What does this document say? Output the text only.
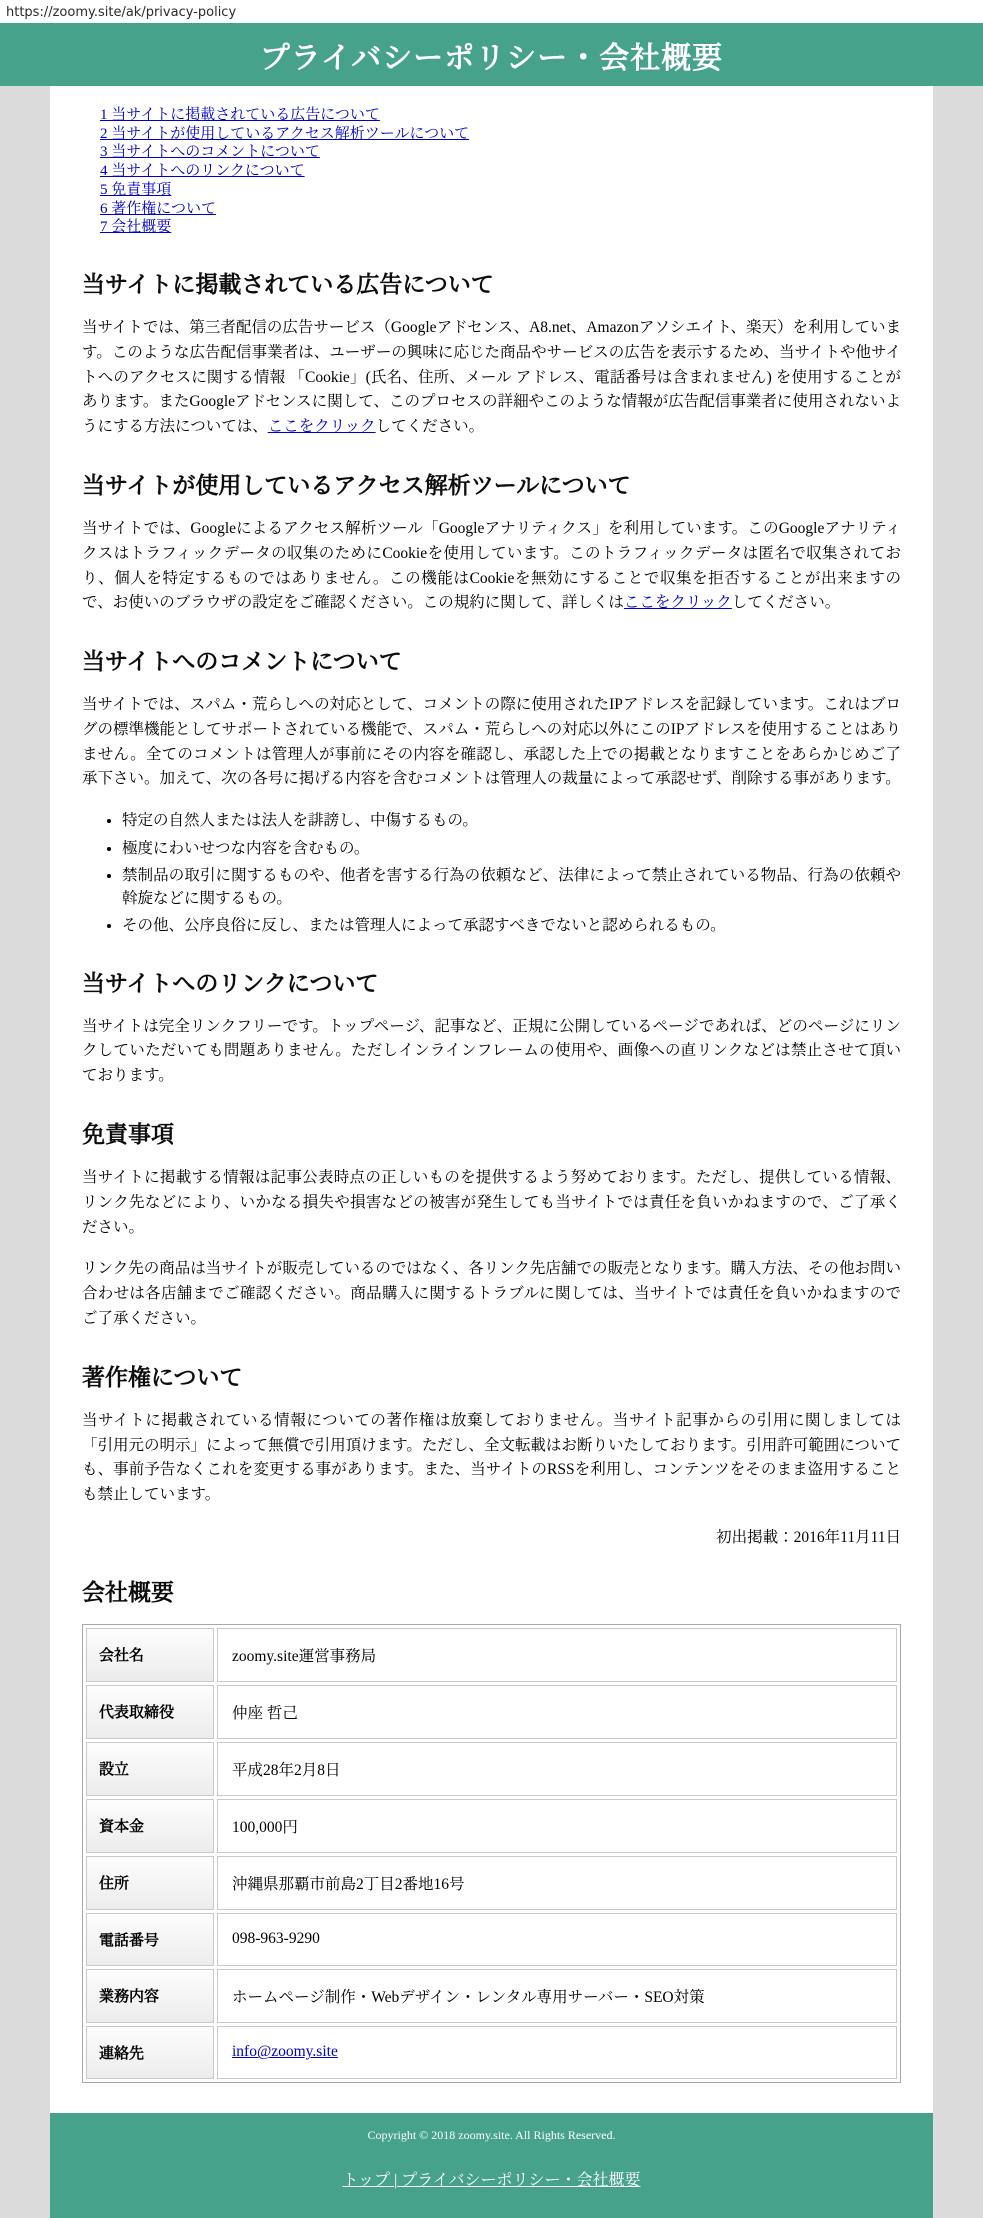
https://zoomy.site/ak/privacy-policy
プライバシーポリシー・会社概要
1 当サイトに掲載されている広告について
2 当サイトが使用しているアクセス解析ツールについて
3 当サイトへのコメントについて
4 当サイトへのリンクについて
5 免責事項
6 著作権について
7 会社概要
当サイトに掲載されている広告について

当サイトでは、第三者配信の広告サービス（Googleアドセンス、A8.net、Amazonアソシエイト、楽天）を利用しています。このような広告配信事業者は、ユーザーの興味に応じた商品やサービスの広告を表示するため、当サイトや他サイトへのアクセスに関する情報 「Cookie」(氏名、住所、メール アドレス、電話番号は含まれません) を使用することがあります。またGoogleアドセンスに関して、このプロセスの詳細やこのような情報が広告配信事業者に使用されないようにする方法については、ここをクリックしてください。

当サイトが使用しているアクセス解析ツールについて

当サイトでは、Googleによるアクセス解析ツール「Googleアナリティクス」を利用しています。このGoogleアナリティクスはトラフィックデータの収集のためにCookieを使用しています。このトラフィックデータは匿名で収集されており、個人を特定するものではありません。この機能はCookieを無効にすることで収集を拒否することが出来ますので、お使いのブラウザの設定をご確認ください。この規約に関して、詳しくはここをクリックしてください。

当サイトへのコメントについて

当サイトでは、スパム・荒らしへの対応として、コメントの際に使用されたIPアドレスを記録しています。これはブログの標準機能としてサポートされている機能で、スパム・荒らしへの対応以外にこのIPアドレスを使用することはありません。全てのコメントは管理人が事前にその内容を確認し、承認した上での掲載となりますことをあらかじめご了承下さい。加えて、次の各号に掲げる内容を含むコメントは管理人の裁量によって承認せず、削除する事があります。

• 特定の自然人または法人を誹謗し、中傷するもの。
• 極度にわいせつな内容を含むもの。
• 禁制品の取引に関するものや、他者を害する行為の依頼など、法律によって禁止されている物品、行為の依頼や斡旋などに関するもの。
• その他、公序良俗に反し、または管理人によって承認すべきでないと認められるもの。
当サイトへのリンクについて

当サイトは完全リンクフリーです。トップページ、記事など、正規に公開しているページであれば、どのページにリンクしていただいても問題ありません。ただしインラインフレームの使用や、画像への直リンクなどは禁止させて頂いております。

免責事項

当サイトに掲載する情報は記事公表時点の正しいものを提供するよう努めております。ただし、提供している情報、リンク先などにより、いかなる損失や損害などの被害が発生しても当サイトでは責任を負いかねますので、ご了承ください。

リンク先の商品は当サイトが販売しているのではなく、各リンク先店舗での販売となります。購入方法、その他お問い合わせは各店舗までご確認ください。商品購入に関するトラブルに関しては、当サイトでは責任を負いかねますのでご了承ください。

著作権について

当サイトに掲載されている情報についての著作権は放棄しておりません。当サイト記事からの引用に関しましては「引用元の明示」によって無償で引用頂けます。ただし、全文転載はお断りいたしております。引用許可範囲についても、事前予告なくこれを変更する事があります。また、当サイトのRSSを利用し、コンテンツをそのまま盗用することも禁止しています。

初出掲載：2016年11月11日

会社概要
会社名	zoomy.site運営事務局
代表取締役	仲座 哲己
設立	平成28年2月8日
資本金	100,000円
住所	沖縄県那覇市前島2丁目2番地16号
電話番号	098-963-9290
業務内容	ホームページ制作・Webデザイン・レンタル専用サーバー・SEO対策
連絡先	info@zoomy.site
Copyright © 2018 zoomy.site. All Rights Reserved.
トップ | プライバシーポリシー・会社概要
